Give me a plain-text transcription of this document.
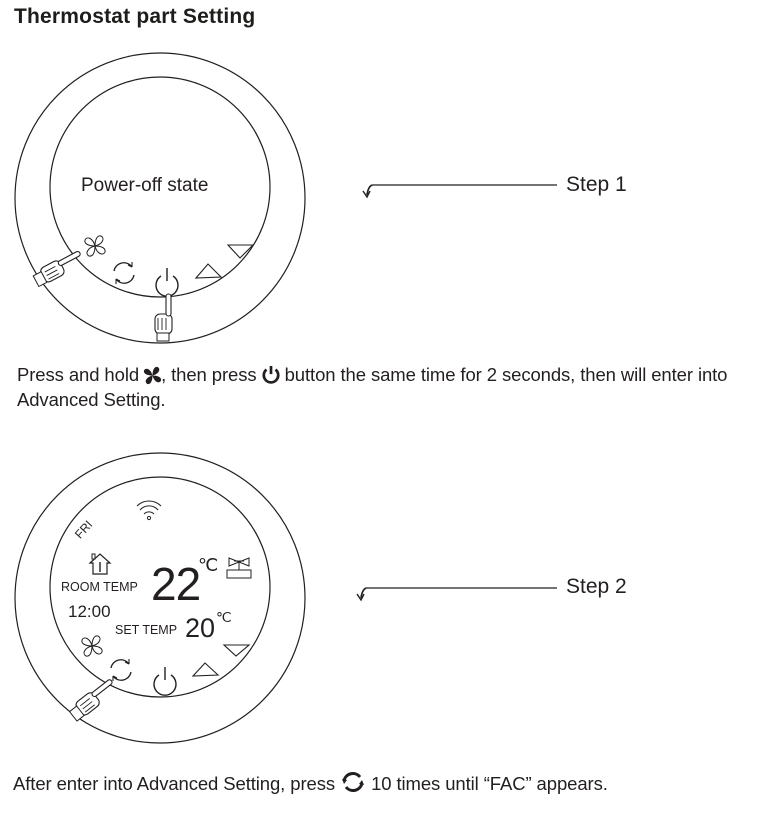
Thermostat part Setting
Power-off state	Step 1
Press and hold , then press  button the same time for 2 seconds, then will enter into Advanced Setting.
FRI
ROOM TEMP 22
℃
12:00
SET TEMP 20 ℃
Step 2
After enter into Advanced Setting, press  10 times until “FAC” appears.
